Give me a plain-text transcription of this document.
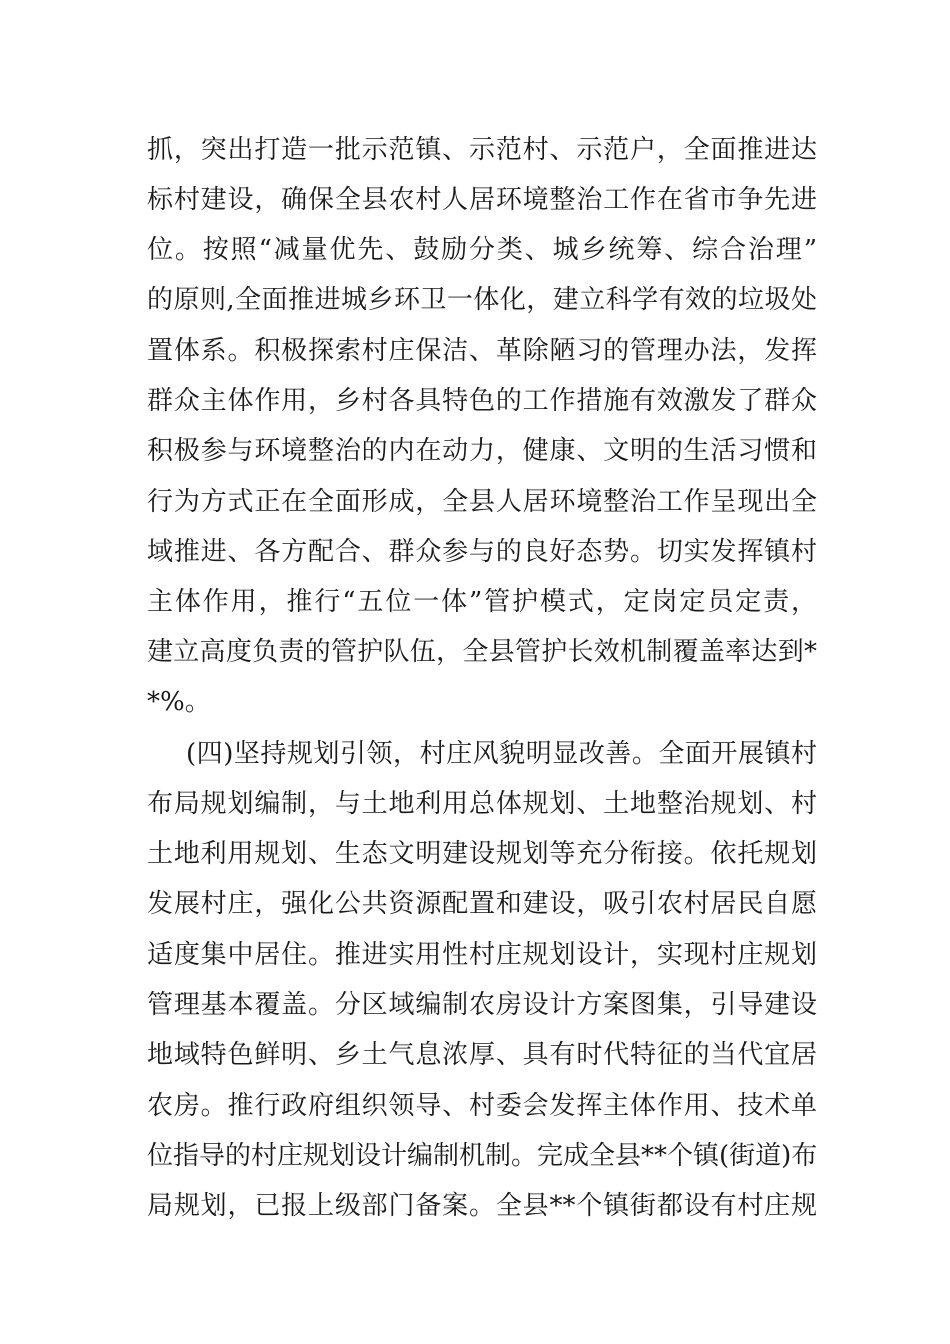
抓，突出打造一批示范镇、示范村、示范户，全面推进达
标村建设，确保全县农村人居环境整治工作在省市争先进
位。按照“减量优先、鼓励分类、城乡统筹、综合治理”
的原则,全面推进城乡环卫一体化，建立科学有效的垃圾处
置体系。积极探索村庄保洁、革除陋习的管理办法，发挥
群众主体作用，乡村各具特色的工作措施有效激发了群众
积极参与环境整治的内在动力，健康、文明的生活习惯和
行为方式正在全面形成，全县人居环境整治工作呈现出全
域推进、各方配合、群众参与的良好态势。切实发挥镇村
主体作用，推行“五位一体”管护模式，定岗定员定责，
建立高度负责的管护队伍，全县管护长效机制覆盖率达到*
*%。
(四)坚持规划引领，村庄风貌明显改善。全面开展镇村
布局规划编制，与土地利用总体规划、土地整治规划、村
土地利用规划、生态文明建设规划等充分衔接。依托规划
发展村庄，强化公共资源配置和建设，吸引农村居民自愿
适度集中居住。推进实用性村庄规划设计，实现村庄规划
管理基本覆盖。分区域编制农房设计方案图集，引导建设
地域特色鲜明、乡土气息浓厚、具有时代特征的当代宜居
农房。推行政府组织领导、村委会发挥主体作用、技术单
位指导的村庄规划设计编制机制。完成全县**个镇(街道)布
局规划，已报上级部门备案。全县**个镇街都设有村庄规
